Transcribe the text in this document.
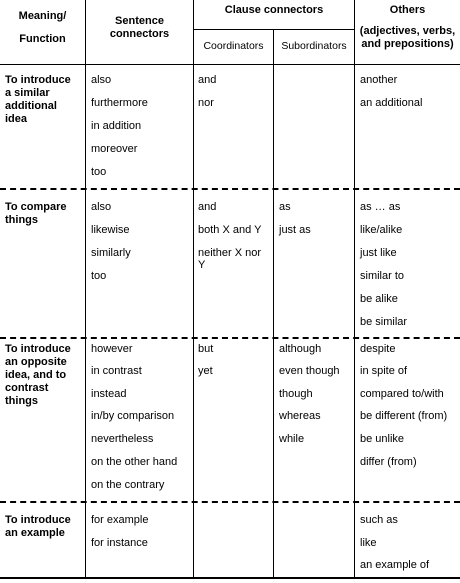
Meaning/
Function
Sentence
connectors
Clause connectors
Coordinators	Subordinators
Others
(adjectives, verbs,
and prepositions)
To introduce
a similar
additional
idea
also
furthermore
in addition
moreover
too
and
nor
another
an additional
To compare
things
also
likewise
similarly
too
and
both X and Y
neither X nor
Y
as
just as
as … as
like/alike
just like
similar to
be alike
be similar
To introduce
an opposite
idea, and to
contrast
things
however
in contrast
instead
in/by comparison
nevertheless
on the other hand
on the contrary
but
yet
although
even though
though
whereas
while
despite
in spite of
compared to/with
be different (from)
be unlike
differ (from)
To introduce
an example
for example
for instance
such as
like
an example of
